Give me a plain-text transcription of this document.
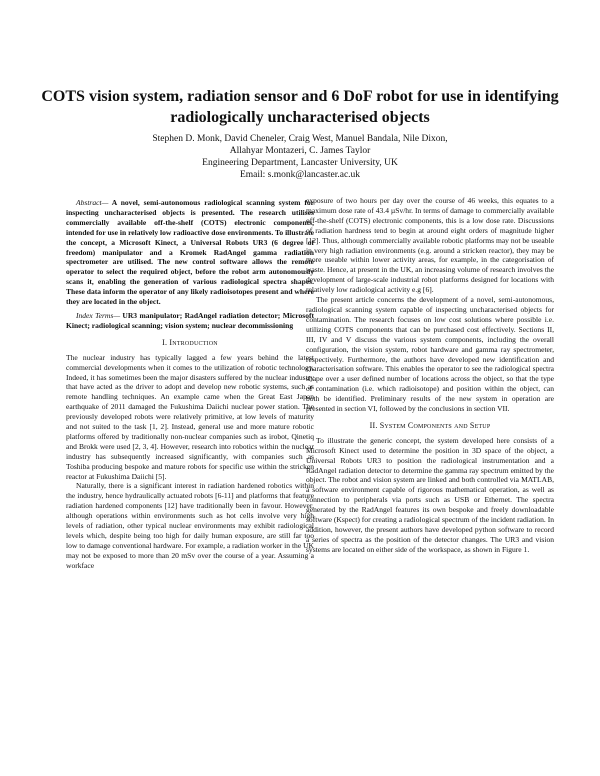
COTS vision system, radiation sensor and 6 DoF robot for use in identifying radiologically uncharacterised objects
Stephen D. Monk, David Cheneler, Craig West, Manuel Bandala, Nile Dixon,
Allahyar Montazeri, C. James Taylor
Engineering Department, Lancaster University, UK
Email: s.monk@lancaster.ac.uk

Abstract— A novel, semi-autonomous radiological scanning system for inspecting uncharacterised objects is presented. The research utilises commercially available off-the-shelf (COTS) electronic components, intended for use in relatively low radioactive dose environments. To illustrate the concept, a Microsoft Kinect, a Universal Robots UR3 (6 degree of freedom) manipulator and a Kromek RadAngel gamma radiation spectrometer are utilised. The new control software allows the remote operator to select the required object, before the robot arm autonomously scans it, enabling the generation of various radiological spectra shapes. These data inform the operator of any likely radioisotopes present and where they are located in the object.

Index Terms— UR3 manipulator; RadAngel radiation detector; Microsoft Kinect; radiological scanning; vision system; nuclear decommissioning

I. Introduction

The nuclear industry has typically lagged a few years behind the latest commercial developments when it comes to the utilization of robotic technology. Indeed, it has sometimes been the major disasters suffered by the nuclear industry that have acted as the driver to adopt and develop new robotic systems, such as remote handling techniques. An example came when the Great East Japan earthquake of 2011 damaged the Fukushima Daiichi nuclear power station. The previously developed robots were relatively primitive, at low levels of maturity and not suited to the task [1, 2]. Instead, general use and more mature robotic platforms offered by traditionally non-nuclear companies such as irobot, Qinetiq and Brokk were used [2, 3, 4]. However, research into robotics within the nuclear industry has subsequently increased significantly, with companies such as Toshiba producing bespoke and mature robots for specific use within the stricken reactor at Fukushima Daiichi [5].

Naturally, there is a significant interest in radiation hardened robotics within the industry, hence hydraulically actuated robots [6-11] and platforms that feature radiation hardened components [12] have traditionally been in favour. However, although operations within environments such as hot cells involve very high levels of radiation, other typical nuclear environments may exhibit radiological levels which, despite being too high for daily human exposure, are still far too low to damage conventional hardware. For example, a radiation worker in the UK may not be exposed to more than 20 mSv over the course of a year. Assuming a workface

exposure of two hours per day over the course of 46 weeks, this equates to a maximum dose rate of 43.4 µSv/hr. In terms of damage to commercially available off-the-shelf (COTS) electronic components, this is a low dose rate. Discussions of radiation hardness tend to begin at around eight orders of magnitude higher [12]. Thus, although commercially available robotic platforms may not be useable in very high radiation environments (e.g. around a stricken reactor), they may be more useable within lower activity areas, for example, in the categorisation of waste. Hence, at present in the UK, an increasing volume of research involves the development of large-scale industrial robot platforms designed for locations with relatively low radiological activity e.g [6].

The present article concerns the development of a novel, semi-autonomous, radiological scanning system capable of inspecting uncharacterised objects for contamination. The research focuses on low cost solutions where possible i.e. utilizing COTS components that can be purchased cost effectively. Sections II, III, IV and V discuss the various system components, including the overall configuration, the vision system, robot hardware and gamma ray spectrometer, respectively. Furthermore, the authors have developed new identification and characterisation software. This enables the operator to see the radiological spectra shape over a user defined number of locations across the object, so that the type of contamination (i.e. which radioisotope) and position within the object, can both be identified. Preliminary results of the new system in operation are presented in section VI, followed by the conclusions in section VII.

II. System Components and Setup

To illustrate the generic concept, the system developed here consists of a Microsoft Kinect used to determine the position in 3D space of the object, a Universal Robots UR3 to position the radiological instrumentation and a RadAngel radiation detector to determine the gamma ray spectrum emitted by the object. The robot and vision system are linked and both controlled via MATLAB, a software environment capable of rigorous mathematical operation, as well as connection to peripherals via ports such as USB or Ethernet. The spectra generated by the RadAngel features its own bespoke and freely downloadable software (Kspect) for creating a radiological spectrum of the incident radiation. In addition, however, the present authors have developed python software to record a series of spectra as the position of the detector changes. The UR3 and vision systems are located on either side of the workspace, as shown in Figure 1.
